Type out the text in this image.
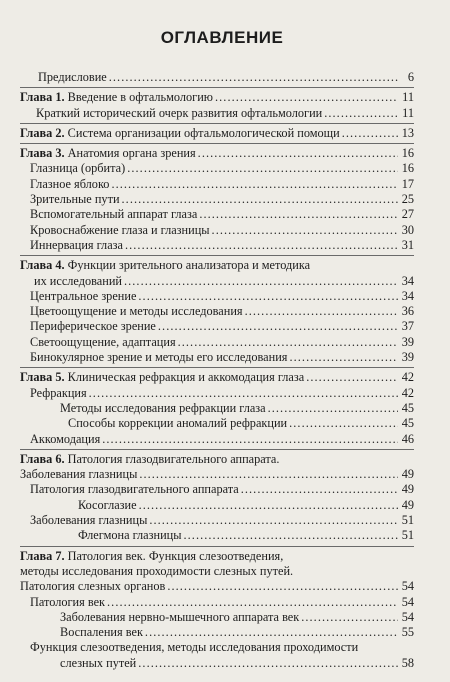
ОГЛАВЛЕНИЕ
Предисловие . . .	6
Глава 1. Введение в офтальмологию . . .	11
Краткий исторический очерк развития офтальмологии . . .	11
Глава 2. Система организации офтальмологической помощи . . .	13
Глава 3. Анатомия органа зрения . . .	16
Глазница (орбита) . . .	16
Глазное яблоко . . .	17
Зрительные пути . . .	25
Вспомогательный аппарат глаза . . .	27
Кровоснабжение глаза и глазницы . . .	30
Иннервация глаза . . .	31
Глава 4. Функции зрительного анализатора и методика
их исследований . . .	34
Центральное зрение . . .	34
Цветоощущение и методы исследования . . .	36
Периферическое зрение . . .	37
Светоощущение, адаптация . . .	39
Бинокулярное зрение и методы его исследования . . .	39
Глава 5. Клиническая рефракция и аккомодация глаза . . .	42
Рефракция . . .	42
Методы исследования рефракции глаза . . .	45
Способы коррекции аномалий рефракции . . .	45
Аккомодация . . .	46
Глава 6. Патология глазодвигательного аппарата.
Заболевания глазницы . . .	49
Патология глазодвигательного аппарата . . .	49
Косоглазие . . .	49
Заболевания глазницы . . .	51
Флегмона глазницы . . .	51
Глава 7. Патология век. Функция слезоотведения,
методы исследования проходимости слезных путей.
Патология слезных органов . . .	54
Патология век . . .	54
Заболевания нервно-мышечного аппарата век . . .	54
Воспаления век . . .	55
Функция слезоотведения, методы исследования проходимости
слезных путей . . .	58
